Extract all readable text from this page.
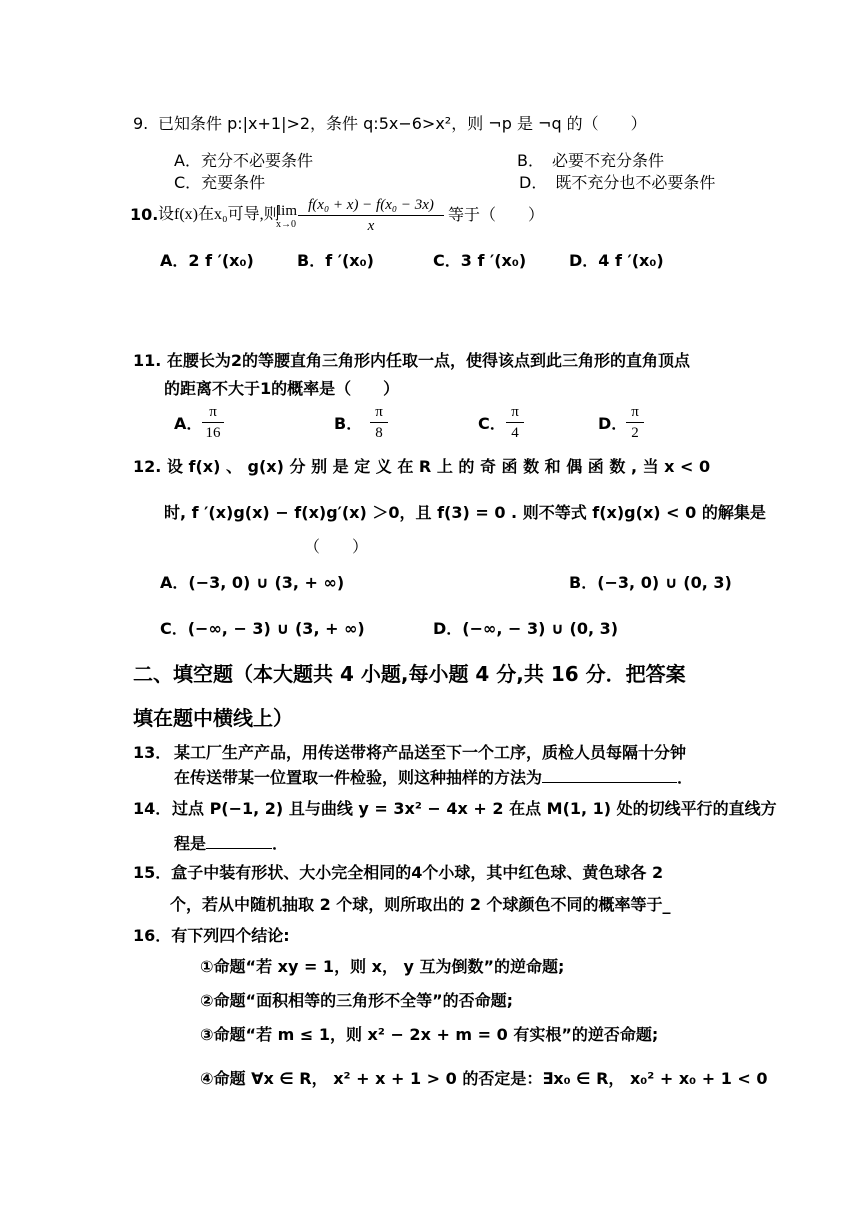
9. 已知条件 p:|x+1|>2，条件 q:5x−6>x²，则 ¬p 是 ¬q 的（　　）
A．充分不必要条件	B．　必要不充分条件
C．充要条件	D．　既不充分也不必要条件
10. 设f(x)在x₀可导,则
lim
x→0
f(x₀ + x) − f(x₀ − 3x)
x
等于（　　）
A．2 f ′(x₀)	B．f ′(x₀)	C．3 f ′(x₀)	D．4 f ′(x₀)
11. 在腰长为2的等腰直角三角形内任取一点，使得该点到此三角形的直角顶点
的距离不大于1的概率是（　　）
A．
π
16	B．
π
8	C．
π
4	D．
π
2
12. 设 f(x) 、 g(x) 分 别 是 定 义 在 R 上 的 奇 函 数 和 偶 函 数 , 当 x < 0
时, f ′(x)g(x) − f(x)g′(x) ＞0，且 f(3) = 0 . 则不等式 f(x)g(x) < 0 的解集是
（　　）
A．(−3, 0) ∪ (3, + ∞)	B．(−3, 0) ∪ (0, 3)
C．(−∞, − 3) ∪ (3, + ∞)	D．(−∞, − 3) ∪ (0, 3)
二、填空题（本大题共 4 小题,每小题 4 分,共 16 分．把答案
填在题中横线上）
13． 某工厂生产产品，用传送带将产品送至下一个工序，质检人员每隔十分钟
在传送带某一位置取一件检验，则这种抽样的方法为	．
14． 过点 P(−1, 2) 且与曲线 y = 3x² − 4x + 2 在点 M(1, 1) 处的切线平行的直线方
程是	．
15．盒子中装有形状、大小完全相同的4个小球，其中红色球、黄色球各 2
个，若从中随机抽取 2 个球，则所取出的 2 个球颜色不同的概率等于_
16．有下列四个结论:
①命题“若 xy = 1，则 x， y 互为倒数”的逆命题;
②命题“面积相等的三角形不全等”的否命题;
③命题“若 m ≤ 1，则 x² − 2x + m = 0 有实根”的逆否命题;
④命题 ∀x ∈ R， x² + x + 1 > 0 的否定是：∃x₀ ∈ R， x₀² + x₀ + 1 < 0
